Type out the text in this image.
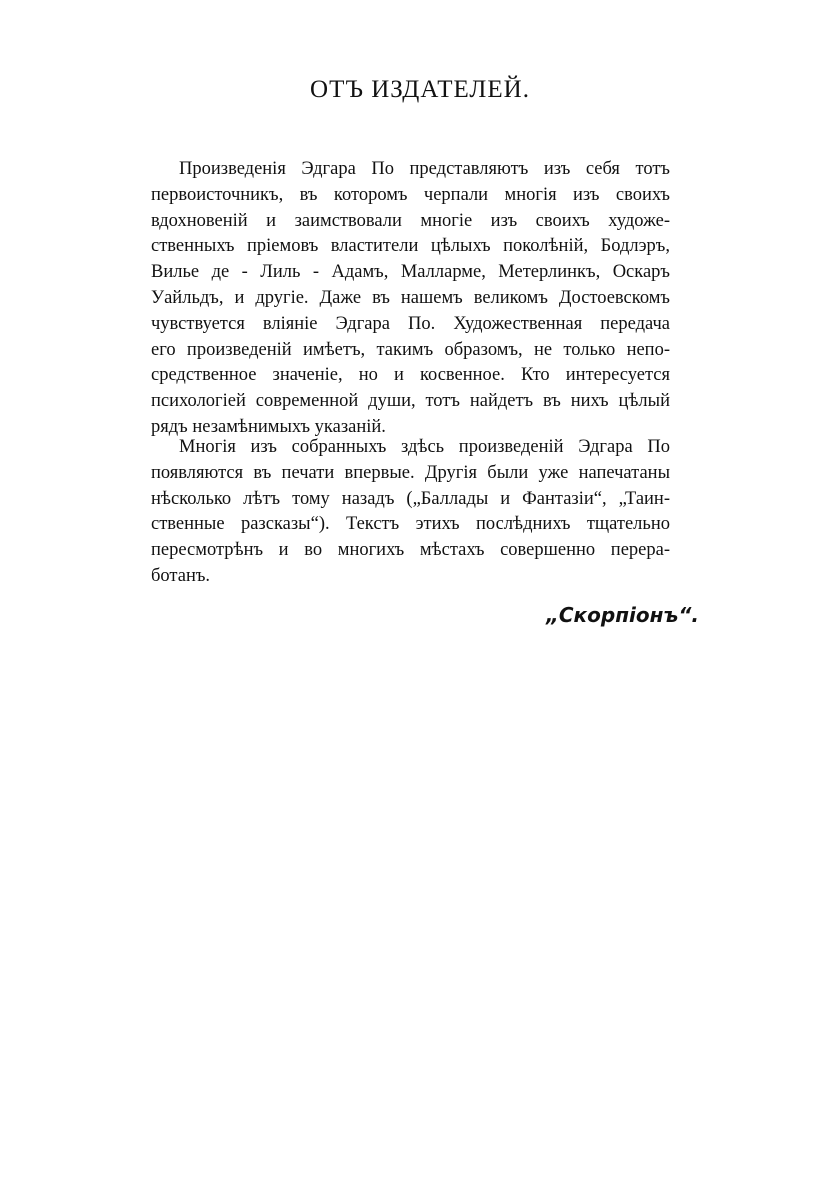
ОТЪ ИЗДАТЕЛЕЙ.
Произведенія Эдгара По представляютъ изъ себя тотъ
первоисточникъ, въ которомъ черпали многія изъ своихъ
вдохновеній и заимствовали многіе изъ своихъ художе-
ственныхъ пріемовъ властители цѣлыхъ поколѣній, Бодлэръ,
Вилье де - Лиль - Адамъ, Малларме, Метерлинкъ, Оскаръ
Уайльдъ, и другіе. Даже въ нашемъ великомъ Достоевскомъ
чувствуется вліяніе Эдгара По. Художественная передача
его произведеній имѣетъ, такимъ образомъ, не только непо-
средственное значеніе, но и косвенное. Кто интересуется
психологіей современной души, тотъ найдетъ въ нихъ цѣлый
рядъ незамѣнимыхъ указаній.
Многія изъ собранныхъ здѣсь произведеній Эдгара По
появляются въ печати впервые. Другія были уже напечатаны
нѣсколько лѣтъ тому назадъ („Баллады и Фантазіи“, „Таин-
ственные разсказы“). Текстъ этихъ послѣднихъ тщательно
пересмотрѣнъ и во многихъ мѣстахъ совершенно перера-
ботанъ.
„Скорпіонъ“.
